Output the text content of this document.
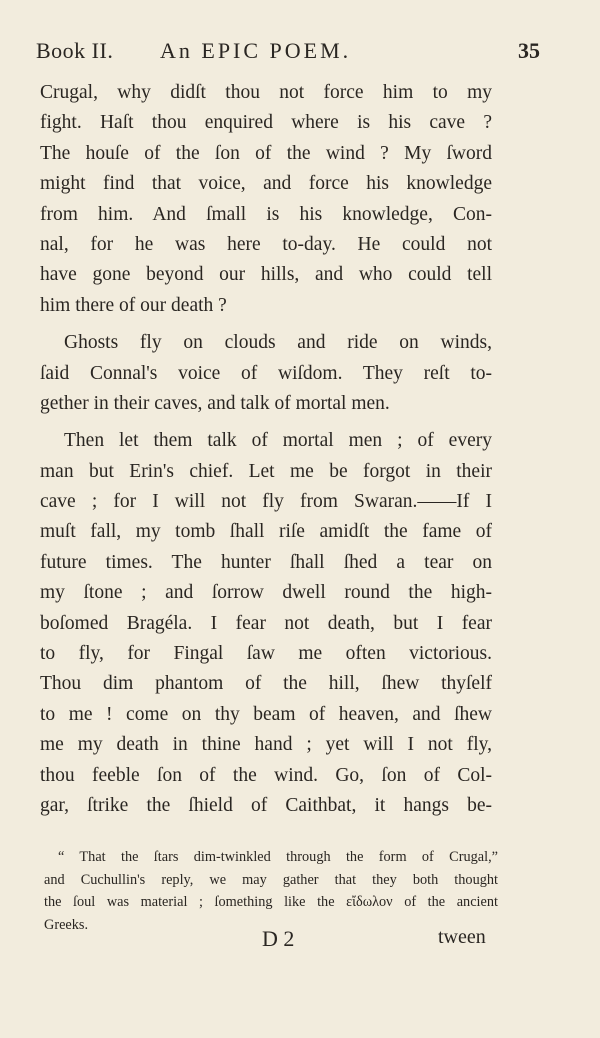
Book II. An EPIC POEM.	35
Crugal, why didſt thou not force him to my
fight. Haſt thou enquired where is his cave ?
The houſe of the ſon of the wind ? My ſword
might find that voice, and force his knowledge
from him. And ſmall is his knowledge, Con-
nal, for he was here to-day. He could not
have gone beyond our hills, and who could tell
him there of our death ?
Ghosts fly on clouds and ride on winds,
ſaid Connal's voice of wiſdom. They reſt to-
gether in their caves, and talk of mortal men.
Then let them talk of mortal men ; of every
man but Erin's chief. Let me be forgot in their
cave ; for I will not fly from Swaran.——If I
muſt fall, my tomb ſhall riſe amidſt the fame of
future times. The hunter ſhall ſhed a tear on
my ſtone ; and ſorrow dwell round the high-
boſomed Bragéla. I fear not death, but I fear
to fly, for Fingal ſaw me often victorious.
Thou dim phantom of the hill, ſhew thyſelf
to me ! come on thy beam of heaven, and ſhew
me my death in thine hand ; yet will I not fly,
thou feeble ſon of the wind. Go, ſon of Col-
gar, ſtrike the ſhield of Caithbat, it hangs be-
“ That the ſtars dim-twinkled through the form of Crugal,”
and Cuchullin's reply, we may gather that they both thought
the ſoul was material ; ſomething like the εἴδωλον of the ancient
Greeks.
D 2	tween
